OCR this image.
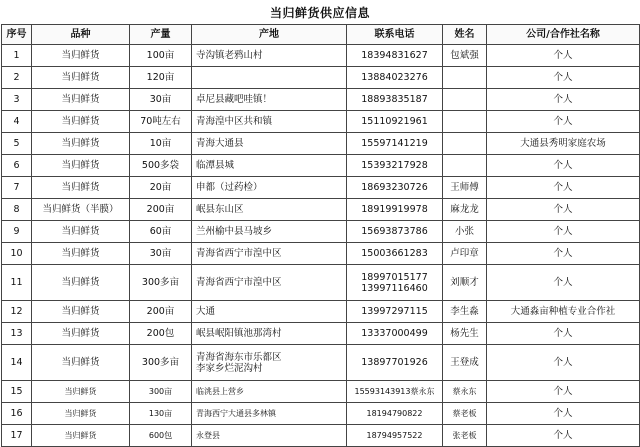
当归鲜货供应信息
序号	品种	产量	产地	联系电话	姓名	公司/合作社名称
1	当归鲜货	100亩	寺沟镇老鸦山村	18394831627	包斌强	个人
2	当归鲜货	120亩		13884023276		个人
3	当归鲜货	30亩	卓尼县藏吧哇镇！	18893835187		个人
4	当归鲜货	70吨左右	青海湟中区共和镇	15110921961		个人
5	当归鲜货	10亩	青海大通县	15597141219		大通县秀明家庭农场
6	当归鲜货	500多袋	临潭县城	15393217928		个人
7	当归鲜货	20亩	申都（过药检）	18693230726	王师傅	个人
8	当归鲜货（半膜）	200亩	岷县东山区	18919919978	麻龙龙	个人
9	当归鲜货	60亩	兰州榆中县马坡乡	15693873786	小张	个人
10	当归鲜货	30亩	青海省西宁市湟中区	15003661283	卢印章	个人
11	当归鲜货	300多亩	青海省西宁市湟中区	18997015177
13997116460	刘顺才	个人
12	当归鲜货	200亩	大通	13997297115	李生淼	大通淼亩种植专业合作社
13	当归鲜货	200包	岷县岷阳镇池那湾村	13337000499	杨先生	个人
14	当归鲜货	300多亩	青海省海东市乐都区
李家乡烂泥沟村	13897701926	王登成	个人
15	当归鲜货	300亩	临洮县上营乡	15593143913蔡永东	蔡永东	个人
16	当归鲜货	130亩	青海西宁大通县多林镇	18194790822	蔡老板	个人
17	当归鲜货	600包	永登县	18794957522	张老板	个人
